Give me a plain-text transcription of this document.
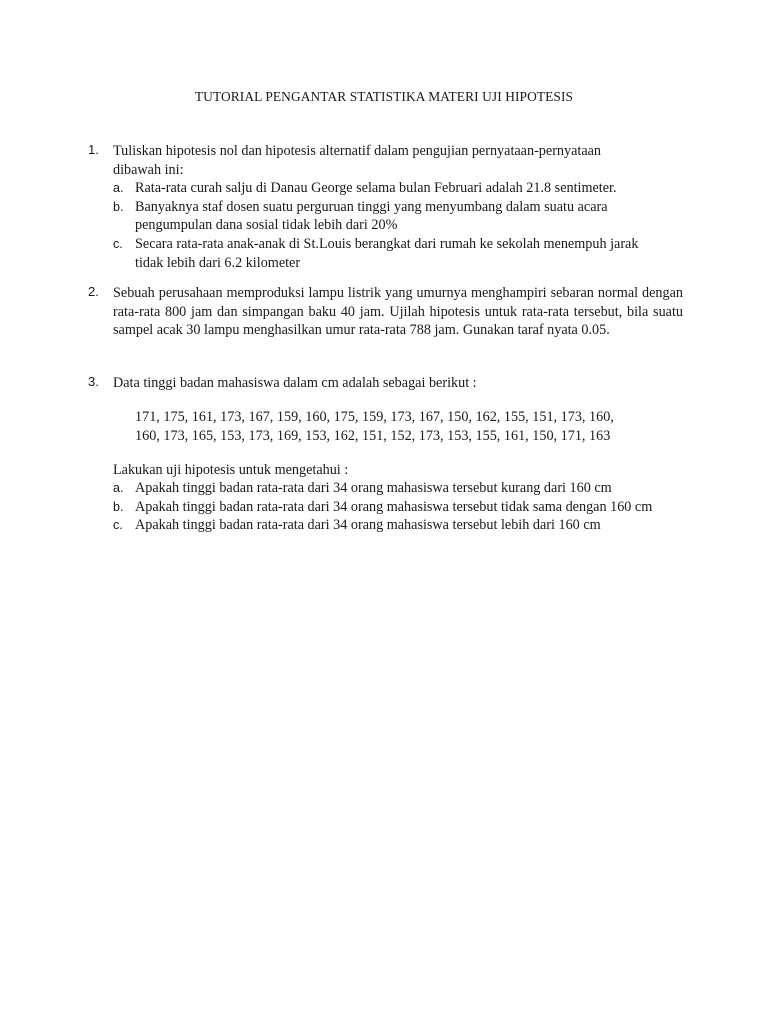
TUTORIAL PENGANTAR STATISTIKA MATERI UJI HIPOTESIS
1. Tuliskan hipotesis nol dan hipotesis alternatif dalam pengujian pernyataan-pernyataan
dibawah ini:
a. Rata-rata curah salju di Danau George selama bulan Februari adalah 21.8 sentimeter.
b. Banyaknya staf dosen suatu perguruan tinggi yang menyumbang dalam suatu acara
pengumpulan dana sosial tidak lebih dari 20%
c. Secara rata-rata anak-anak di St.Louis berangkat dari rumah ke sekolah menempuh jarak
tidak lebih dari 6.2 kilometer
2. Sebuah perusahaan memproduksi lampu listrik yang umurnya menghampiri sebaran normal dengan rata-rata 800 jam dan simpangan baku 40 jam. Ujilah hipotesis untuk rata-rata tersebut, bila suatu sampel acak 30 lampu menghasilkan umur rata-rata 788 jam. Gunakan taraf nyata 0.05.
3. Data tinggi badan mahasiswa dalam cm adalah sebagai berikut :
171, 175, 161, 173, 167, 159, 160, 175, 159, 173, 167, 150, 162, 155, 151, 173, 160,
160, 173, 165, 153, 173, 169, 153, 162, 151, 152, 173, 153, 155, 161, 150, 171, 163
Lakukan uji hipotesis untuk mengetahui :
a. Apakah tinggi badan rata-rata dari 34 orang mahasiswa tersebut kurang dari 160 cm
b. Apakah tinggi badan rata-rata dari 34 orang mahasiswa tersebut tidak sama dengan 160 cm
c. Apakah tinggi badan rata-rata dari 34 orang mahasiswa tersebut lebih dari 160 cm
